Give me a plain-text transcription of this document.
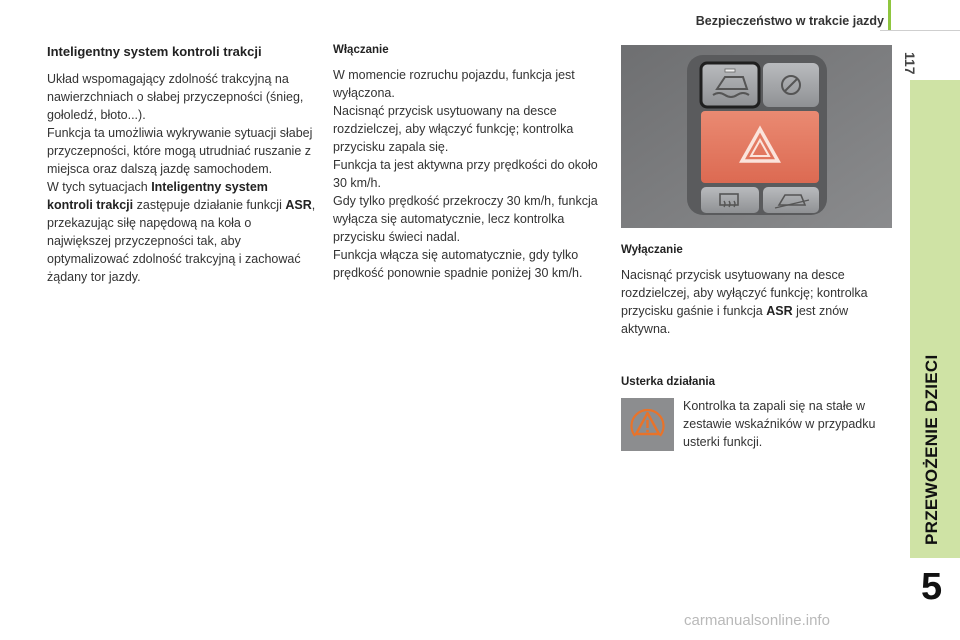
Bezpieczeństwo w trakcie jazdy
117
PRZEWOŻENIE DZIECI
5
Inteligentny system kontroli trakcji

Układ wspomagający zdolność trakcyjną na nawierzchniach o słabej przyczepności (śnieg, gołoledź, błoto...).

Funkcja ta umożliwia wykrywanie sytuacji słabej przyczepności, które mogą utrudniać ruszanie z miejsca oraz dalszą jazdę samochodem.

W tych sytuacjach Inteligentny system kontroli trakcji zastępuje działanie funkcji ASR, przekazując siłę napędową na koła o największej przyczepności tak, aby optymalizować zdolność trakcyjną i zachować żądany tor jazdy.

Włączanie

W momencie rozruchu pojazdu, funkcja jest wyłączona.

Nacisnąć przycisk usytuowany na desce rozdzielczej, aby włączyć funkcję; kontrolka przycisku zapala się.

Funkcja ta jest aktywna przy prędkości do około 30 km/h.

Gdy tylko prędkość przekroczy 30 km/h, funkcja wyłącza się automatycznie, lecz kontrolka przycisku świeci nadal.

Funkcja włącza się automatycznie, gdy tylko prędkość ponownie spadnie poniżej 30 km/h.

Wyłączanie

Nacisnąć przycisk usytuowany na desce rozdzielczej, aby wyłączyć funkcję; kontrolka przycisku gaśnie i funkcja ASR jest znów aktywna.

Usterka działania
Kontrolka ta zapali się na stałe w zestawie wskaźników w przypadku usterki funkcji.
carmanualsonline.info
